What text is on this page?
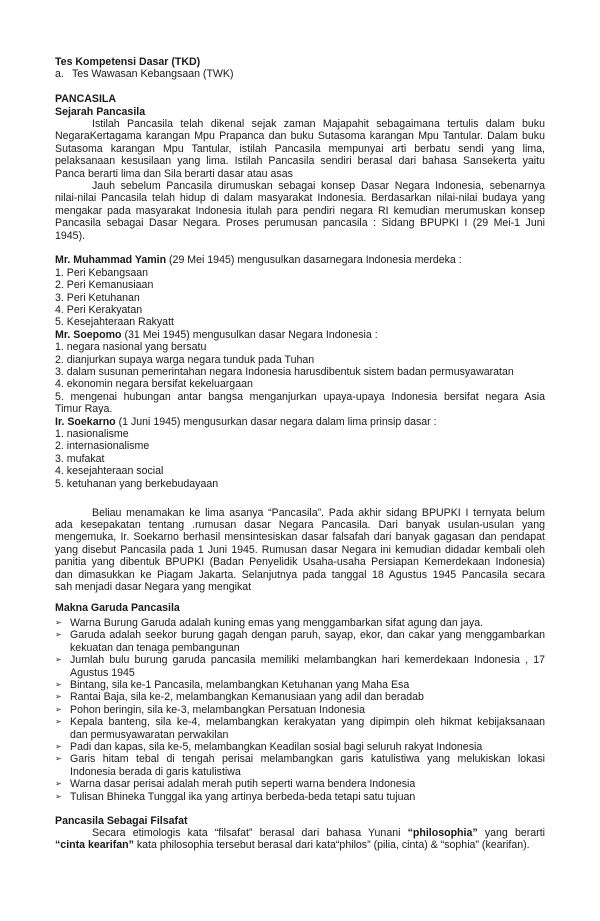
Tes Kompetensi Dasar (TKD)
a. Tes Wawasan Kebangsaan (TWK)
PANCASILA
Sejarah Pancasila
Istilah Pancasila telah dikenal sejak zaman Majapahit sebagaimana tertulis dalam buku
NegaraKertagama karangan Mpu Prapanca dan buku Sutasoma karangan Mpu Tantular. Dalam buku
Sutasoma karangan Mpu Tantular, istilah Pancasila mempunyai arti berbatu sendi yang lima,
pelaksanaan kesusilaan yang lima. Istilah Pancasila sendiri berasal dari bahasa Sansekerta yaitu
Panca berarti lima dan Sila berarti dasar atau asas
Jauh sebelum Pancasila dirumuskan sebagai konsep Dasar Negara Indonesia, sebenarnya
nilai-nilai Pancasila telah hidup di dalam masyarakat Indonesia. Berdasarkan nilai-nilai budaya yang
mengakar pada masyarakat Indonesia itulah para pendiri negara RI kemudian merumuskan konsep
Pancasila sebagai Dasar Negara. Proses perumusan pancasila : Sidang BPUPKI I (29 Mei-1 Juni
1945).
Mr. Muhammad Yamin (29 Mei 1945) mengusulkan dasarnegara Indonesia merdeka :
1. Peri Kebangsaan
2. Peri Kemanusiaan
3. Peri Ketuhanan
4. Peri Kerakyatan
5. Kesejahteraan Rakyatt
Mr. Soepomo (31 Mei 1945) mengusulkan dasar Negara Indonesia :
1. negara nasional yang bersatu
2. dianjurkan supaya warga negara tunduk pada Tuhan
3. dalam susunan pemerintahan negara Indonesia harusdibentuk sistem badan permusyawaratan
4. ekonomin negara bersifat kekeluargaan
5. mengenai hubungan antar bangsa menganjurkan upaya-upaya Indonesia bersifat negara Asia
Timur Raya.
Ir. Soekarno (1 Juni 1945) mengusurkan dasar negara dalam lima prinsip dasar :
1. nasionalisme
2. internasionalisme
3. mufakat
4. kesejahteraan social
5. ketuhanan yang berkebudayaan
Beliau menamakan ke lima asanya “Pancasila”. Pada akhir sidang BPUPKI I ternyata belum
ada kesepakatan tentang .rumusan dasar Negara Pancasila. Dari banyak usulan-usulan yang
mengemuka, Ir. Soekarno berhasil mensintesiskan dasar falsafah dari banyak gagasan dan pendapat
yang disebut Pancasila pada 1 Juni 1945. Rumusan dasar Negara ini kemudian didadar kembali oleh
panitia yang dibentuk BPUPKI (Badan Penyelidik Usaha-usaha Persiapan Kemerdekaan Indonesia)
dan dimasukkan ke Piagam Jakarta. Selanjutnya pada tanggal 18 Agustus 1945 Pancasila secara
sah menjadi dasar Negara yang mengikat
Makna Garuda Pancasila
➢ Warna Burung Garuda adalah kuning emas yang menggambarkan sifat agung dan jaya.
➢ Garuda adalah seekor burung gagah dengan paruh, sayap, ekor, dan cakar yang menggambarkan
kekuatan dan tenaga pembangunan
➢ Jumlah bulu burung garuda pancasila memiliki melambangkan hari kemerdekaan Indonesia , 17
Agustus 1945
➢ Bintang, sila ke-1 Pancasila, melambangkan Ketuhanan yang Maha Esa
➢ Rantai Baja, sila ke-2, melambangkan Kemanusiaan yang adil dan beradab
➢ Pohon beringin, sila ke-3, melambangkan Persatuan Indonesia
➢ Kepala banteng, sila ke-4, melambangkan kerakyatan yang dipimpin oleh hikmat kebijaksanaan
dan permusyawaratan perwakilan
➢ Padi dan kapas, sila ke-5, melambangkan Keadilan sosial bagi seluruh rakyat Indonesia
➢ Garis hitam tebal di tengah perisai melambangkan garis katulistiwa yang melukiskan lokasi
Indonesia berada di garis katulistiwa
➢ Warna dasar perisai adalah merah putih seperti warna bendera Indonesia
➢ Tulisan Bhineka Tunggal ika yang artinya berbeda-beda tetapi satu tujuan
Pancasila Sebagai Filsafat
Secara etimologis kata “filsafat” berasal dari bahasa Yunani “philosophia” yang berarti
“cinta kearifan” kata philosophia tersebut berasal dari kata“philos” (pilia, cinta) & “sophia” (kearifan).
